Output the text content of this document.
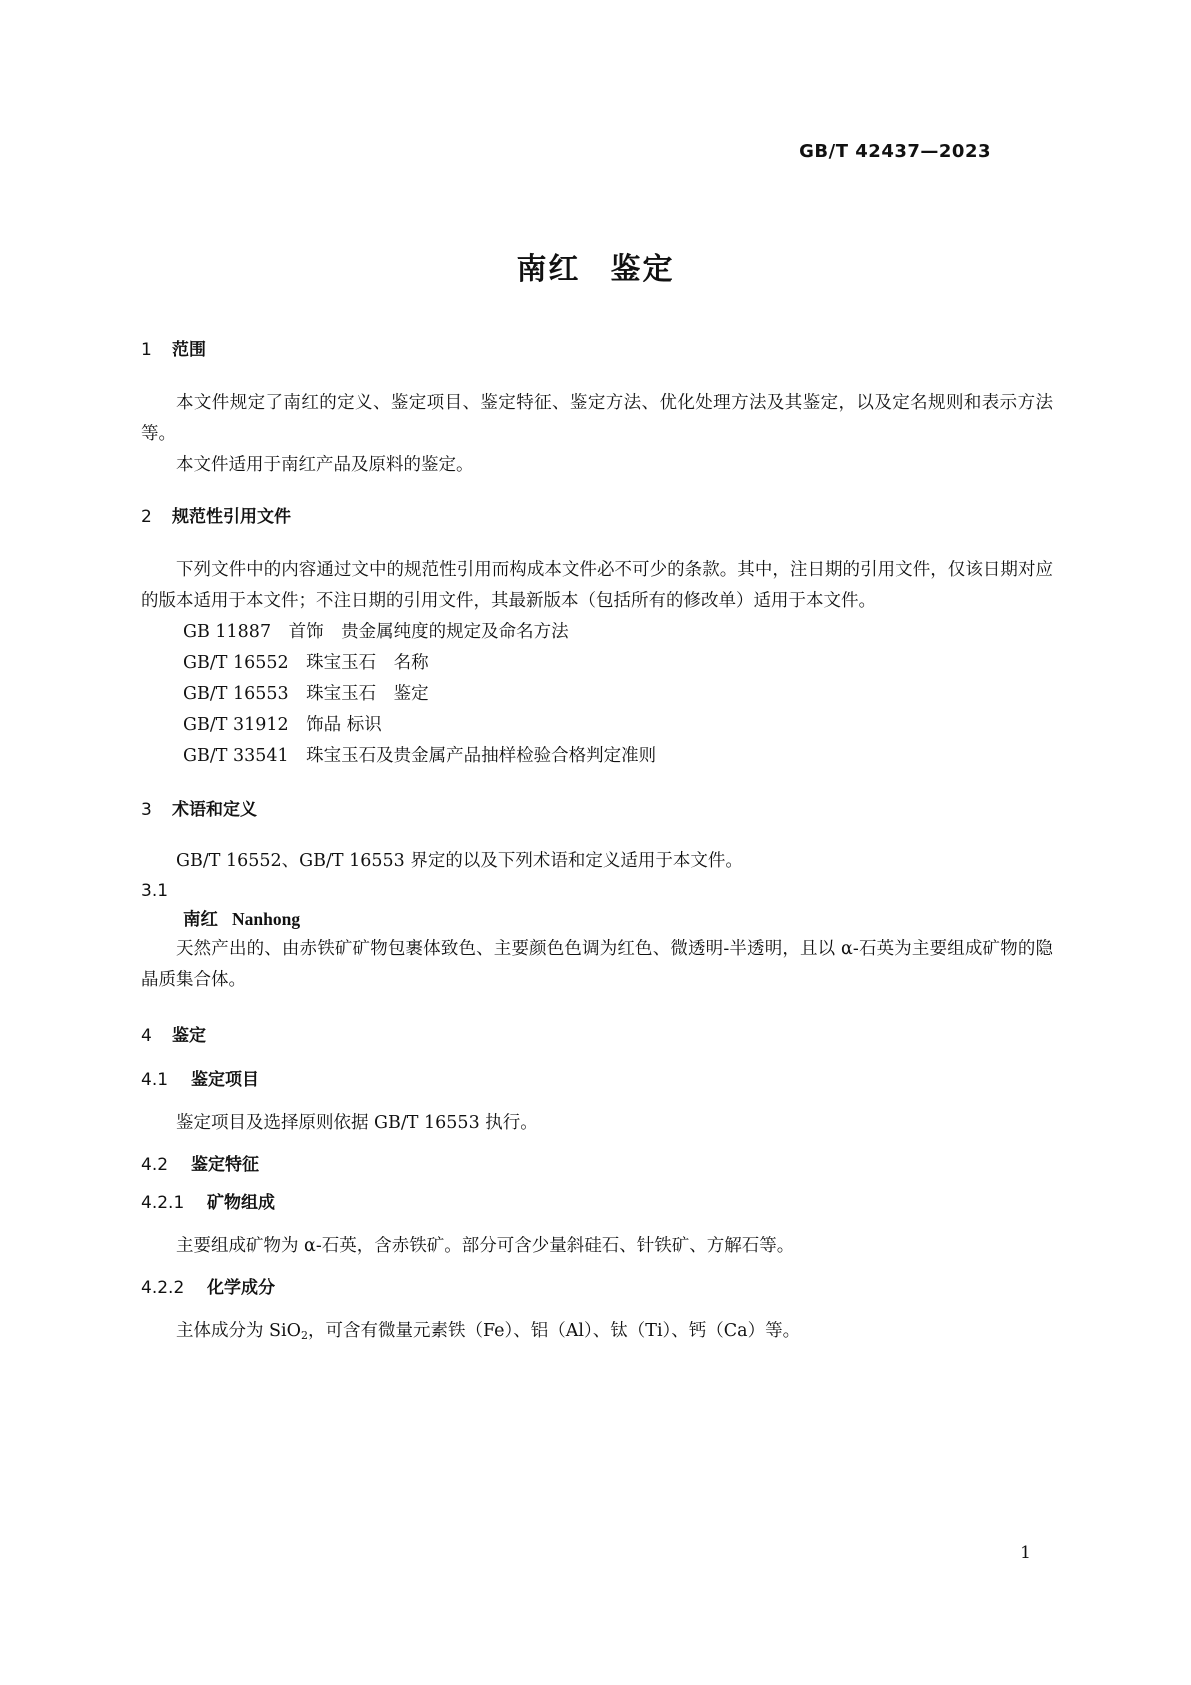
GB/T 42437—2023
南红 鉴定
1 范围

本文件规定了南红的定义、鉴定项目、鉴定特征、鉴定方法、优化处理方法及其鉴定，以及定名规则和表示方法等。

本文件适用于南红产品及原料的鉴定。

2 规范性引用文件

下列文件中的内容通过文中的规范性引用而构成本文件必不可少的条款。其中，注日期的引用文件，仅该日期对应的版本适用于本文件；不注日期的引用文件，其最新版本（包括所有的修改单）适用于本文件。

GB 11887　首饰　贵金属纯度的规定及命名方法
GB/T 16552　珠宝玉石　名称
GB/T 16553　珠宝玉石　鉴定
GB/T 31912　饰品 标识
GB/T 33541　珠宝玉石及贵金属产品抽样检验合格判定准则
3 术语和定义

GB/T 16552、GB/T 16553 界定的以及下列术语和定义适用于本文件。

3.1
南红 Nanhong

天然产出的、由赤铁矿矿物包裹体致色、主要颜色色调为红色、微透明-半透明，且以 α-石英为主要组成矿物的隐晶质集合体。

4 鉴定
4.1 鉴定项目

鉴定项目及选择原则依据 GB/T 16553 执行。

4.2 鉴定特征
4.2.1 矿物组成

主要组成矿物为 α-石英，含赤铁矿。部分可含少量斜硅石、针铁矿、方解石等。

4.2.2 化学成分

主体成分为 SiO$_2$，可含有微量元素铁（Fe）、铝（Al）、钛（Ti）、钙（Ca）等。

1
